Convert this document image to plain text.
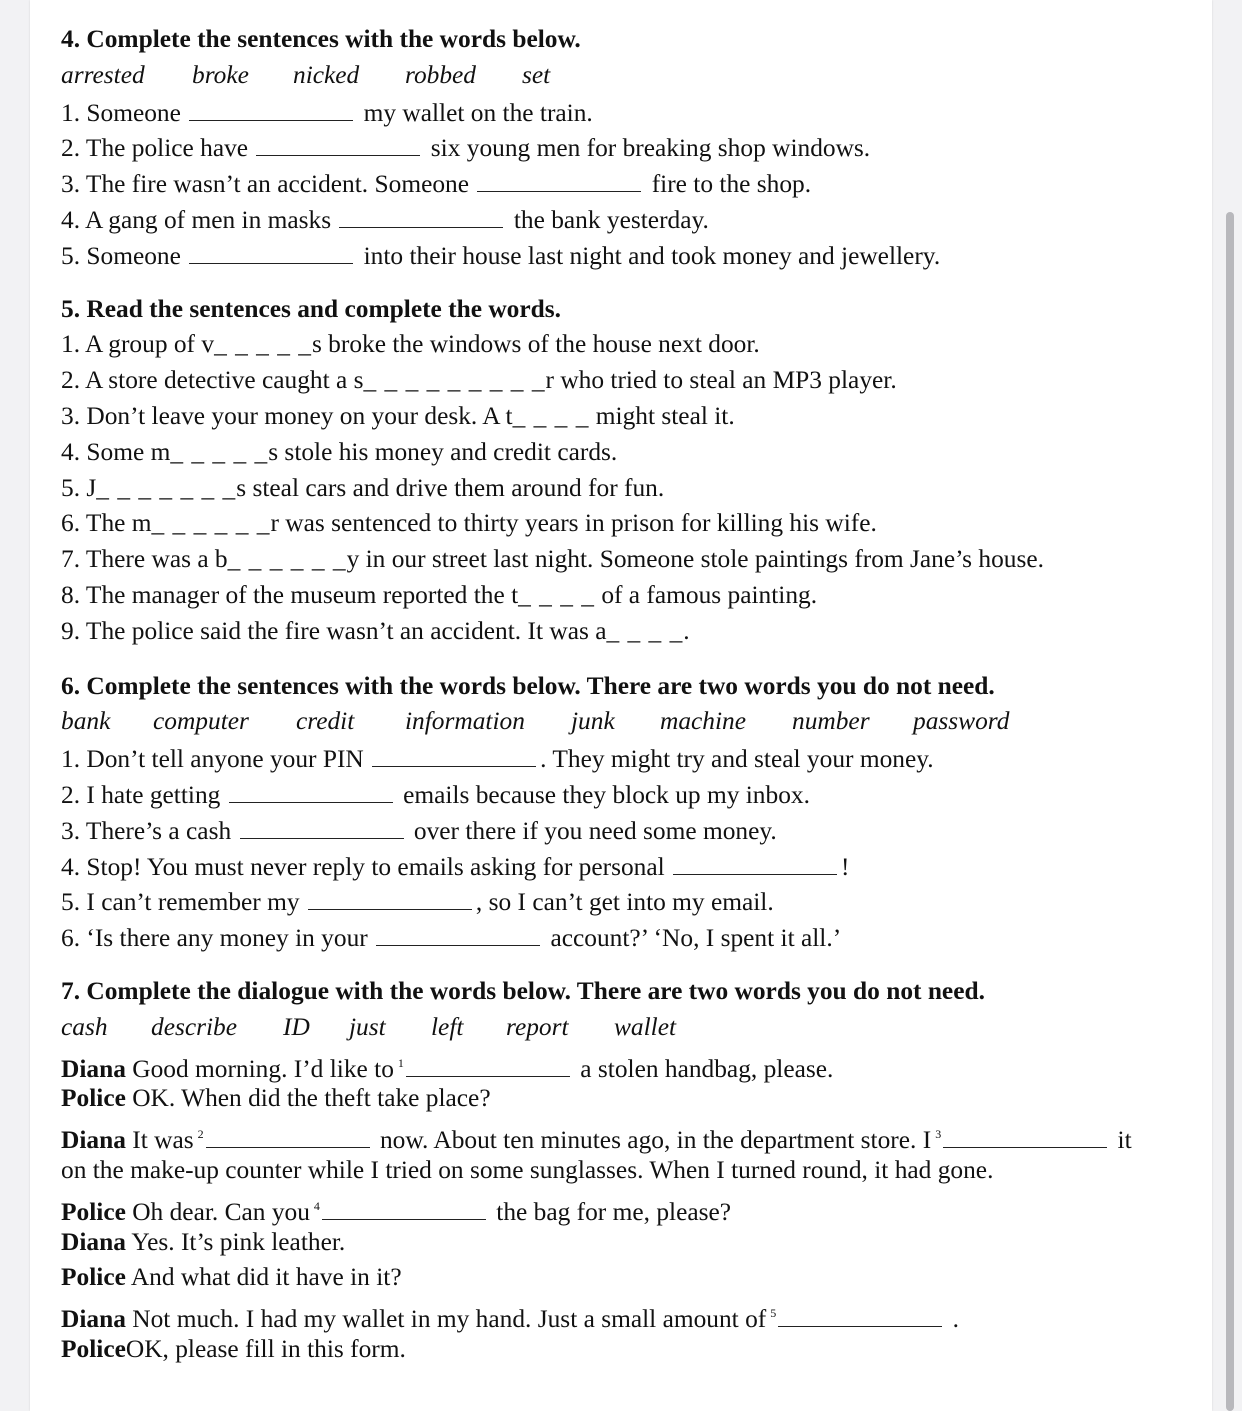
4. Complete the sentences with the words below.
arrested broke nicked robbed set
1. Someone	my wallet on the train.
2. The police have	six young men for breaking shop windows.
3. The fire wasn’t an accident. Someone	fire to the shop.
4. A gang of men in masks	the bank yesterday.
5. Someone	into their house last night and took money and jewellery.
5. Read the sentences and complete the words.
1. A group of v_ _ _ _ _s broke the windows of the house next door.
2. A store detective caught a s_ _ _ _ _ _ _ _ _r who tried to steal an MP3 player.
3. Don’t leave your money on your desk. A t_ _ _ _ might steal it.
4. Some m_ _ _ _ _s stole his money and credit cards.
5. J_ _ _ _ _ _ _s steal cars and drive them around for fun.
6. The m_ _ _ _ _ _r was sentenced to thirty years in prison for killing his wife.
7. There was a b_ _ _ _ _ _y in our street last night. Someone stole paintings from Jane’s house.
8. The manager of the museum reported the t_ _ _ _ of a famous painting.
9. The police said the fire wasn’t an accident. It was a_ _ _ _.
6. Complete the sentences with the words below. There are two words you do not need.
bank computer credit information junk machine number password
1. Don’t tell anyone your PIN	. They might try and steal your money.
2. I hate getting	emails because they block up my inbox.
3. There’s a cash	over there if you need some money.
4. Stop! You must never reply to emails asking for personal	!
5. I can’t remember my	, so I can’t get into my email.
6. ‘Is there any money in your	account?’ ‘No, I spent it all.’
7. Complete the dialogue with the words below. There are two words you do not need.
cash describe ID just left report wallet
Diana Good morning. I’d like to $^1$	a stolen handbag, please.
Police OK. When did the theft take place?
Diana It was $^2$	now. About ten minutes ago, in the department store. I $^3$	it
on the make-up counter while I tried on some sunglasses. When I turned round, it had gone.
Police Oh dear. Can you $^4$	the bag for me, please?
Diana Yes. It’s pink leather.
Police And what did it have in it?
Diana Not much. I had my wallet in my hand. Just a small amount of $^5$	.
PoliceOK, please fill in this form.
